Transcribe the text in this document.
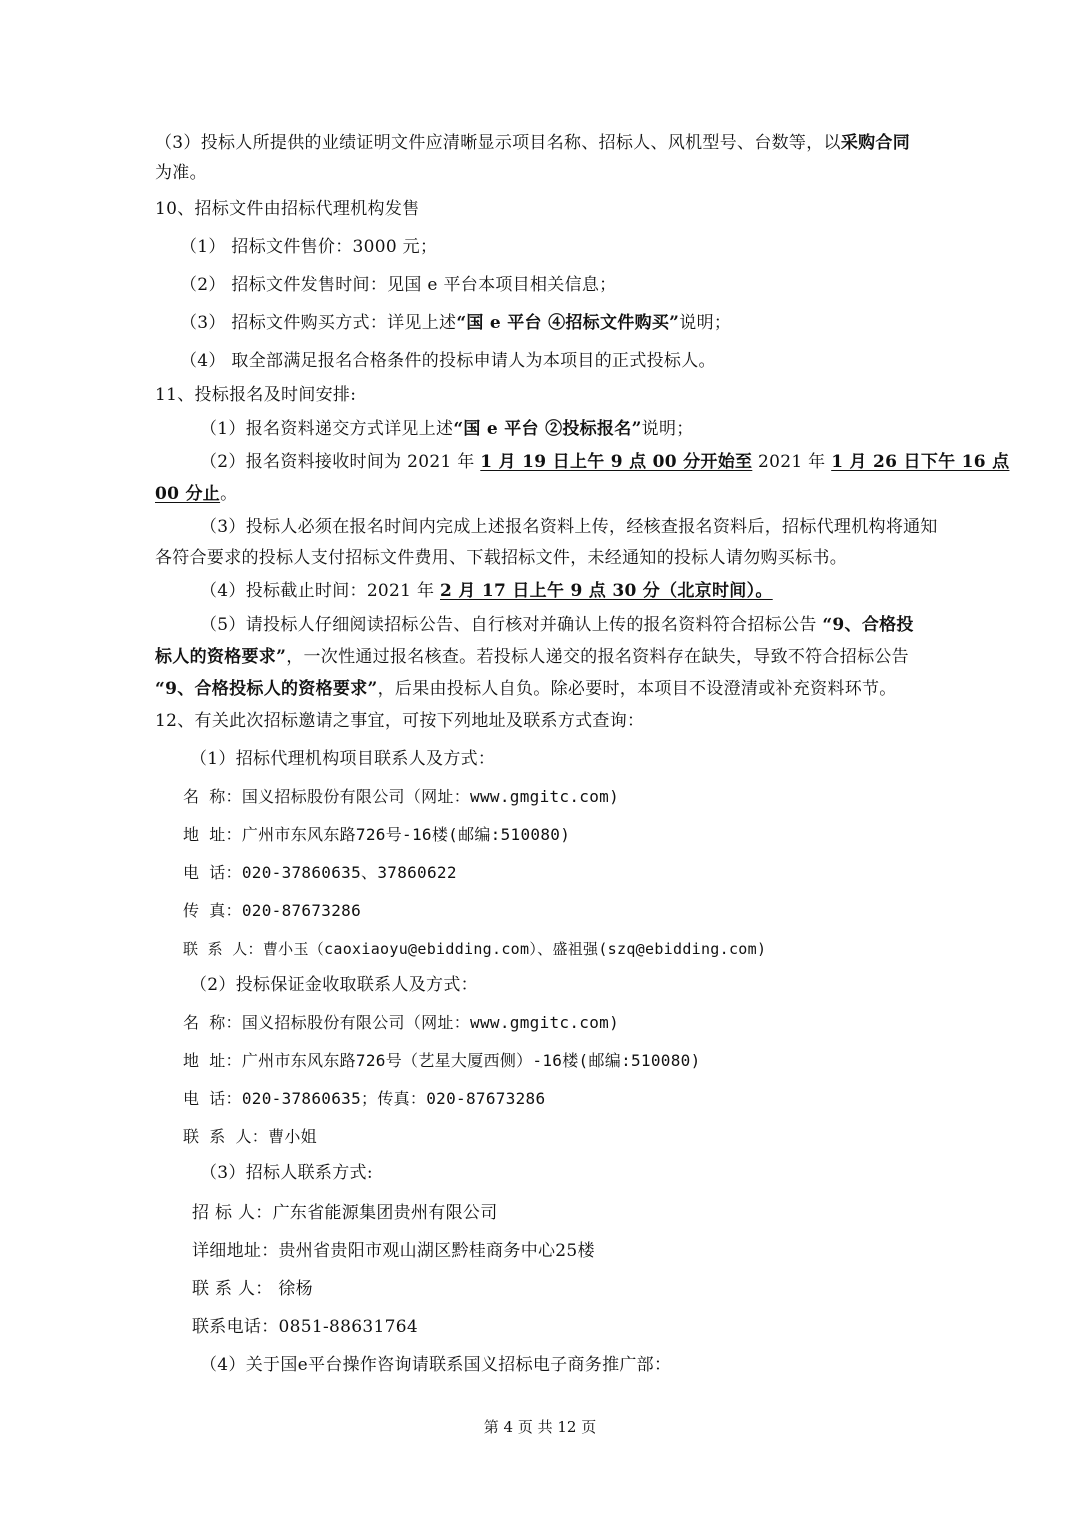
（3）投标人所提供的业绩证明文件应清晰显示项目名称、招标人、风机型号、台数等，以采购合同
为准。
10、招标文件由招标代理机构发售
（1） 招标文件售价：3000 元；
（2） 招标文件发售时间：见国 e 平台本项目相关信息；
（3） 招标文件购买方式：详见上述“国 e 平台 ④招标文件购买”说明；
（4） 取全部满足报名合格条件的投标申请人为本项目的正式投标人。
11、投标报名及时间安排:
（1）报名资料递交方式详见上述“国 e 平台 ②投标报名”说明；
（2）报名资料接收时间为 2021 年 1 月 19 日上午 9 点 00 分开始至 2021 年 1 月 26 日下午 16 点
00 分止。
（3）投标人必须在报名时间内完成上述报名资料上传，经核查报名资料后，招标代理机构将通知
各符合要求的投标人支付招标文件费用、下载招标文件，未经通知的投标人请勿购买标书。
（4）投标截止时间：2021 年 2 月 17 日上午 9 点 30 分（北京时间）。
（5）请投标人仔细阅读招标公告、自行核对并确认上传的报名资料符合招标公告 “9、合格投
标人的资格要求”，一次性通过报名核查。若投标人递交的报名资料存在缺失，导致不符合招标公告
“9、合格投标人的资格要求”，后果由投标人自负。除必要时，本项目不设澄清或补充资料环节。
12、有关此次招标邀请之事宜，可按下列地址及联系方式查询：
（1）招标代理机构项目联系人及方式：
名 称：国义招标股份有限公司（网址：www.gmgitc.com)
地 址：广州市东风东路726号-16楼(邮编:510080)
电 话：020-37860635、37860622
传 真：020-87673286
联 系 人：曹小玉（caoxiaoyu@ebidding.com）、盛祖强(szq@ebidding.com)
（2）投标保证金收取联系人及方式：
名 称：国义招标股份有限公司（网址：www.gmgitc.com)
地 址：广州市东风东路726号（艺星大厦西侧）-16楼(邮编:510080)
电 话：020-37860635；传真：020-87673286
联 系 人：曹小姐
（3）招标人联系方式:
招 标 人：广东省能源集团贵州有限公司
详细地址：贵州省贵阳市观山湖区黔桂商务中心25楼
联 系 人： 徐杨
联系电话：0851-88631764
（4）关于国e平台操作咨询请联系国义招标电子商务推广部：
第 4 页 共 12 页
